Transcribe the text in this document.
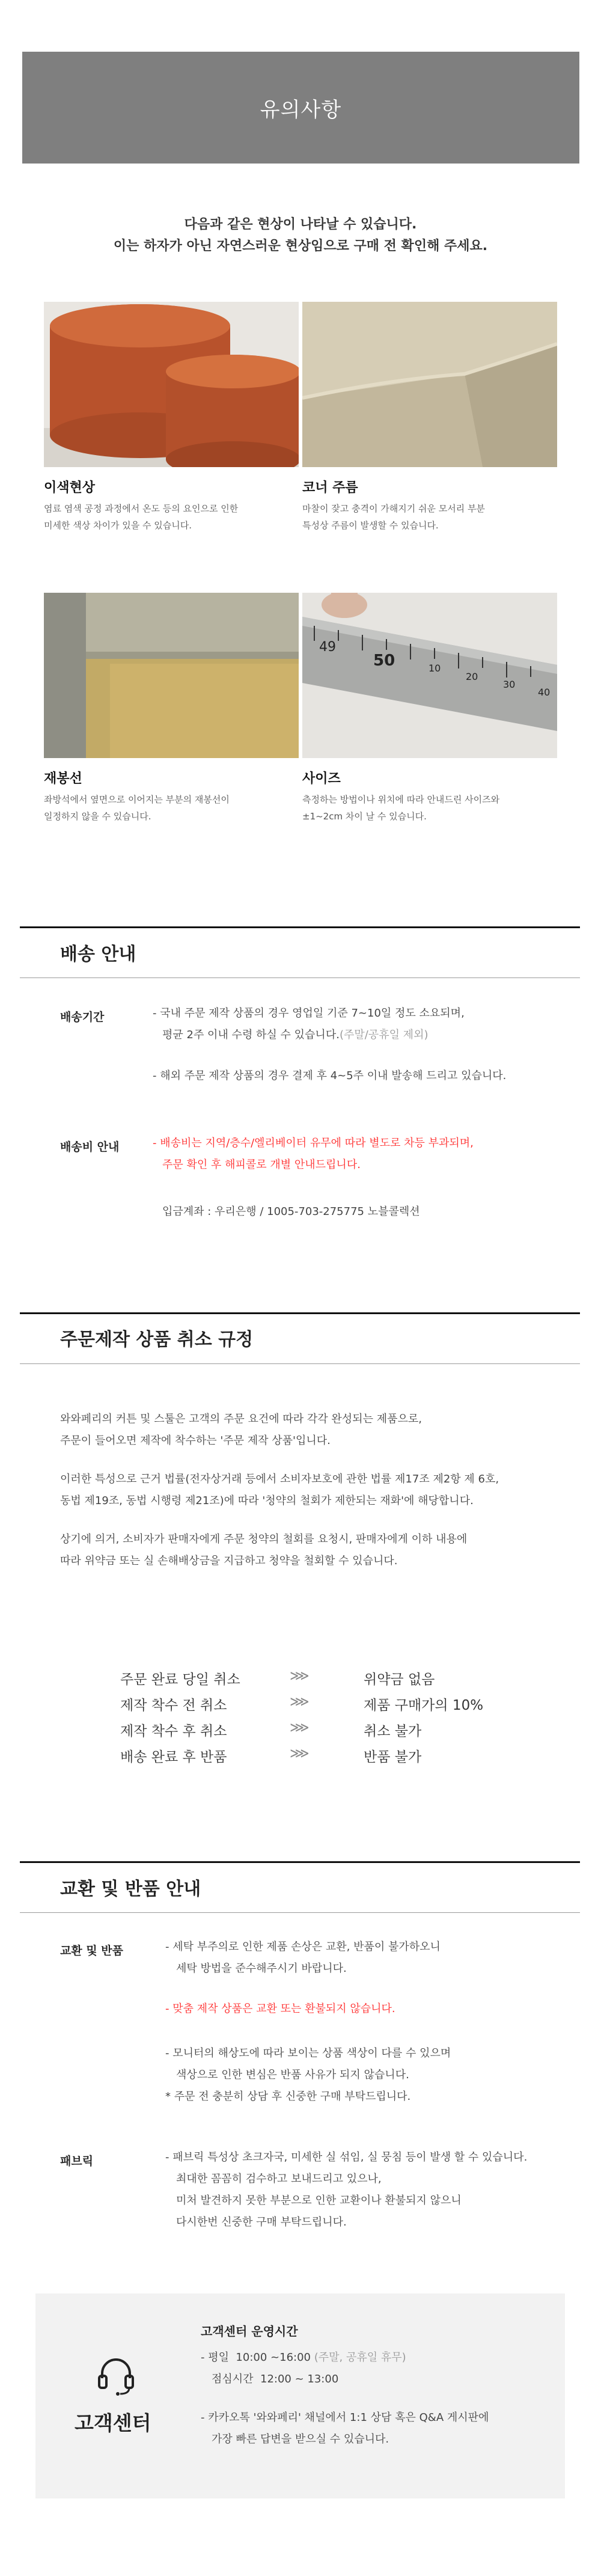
유의사항
다음과 같은 현상이 나타날 수 있습니다.
이는 하자가 아닌 자연스러운 현상임으로 구매 전 확인해 주세요.
이색현상
염료 염색 공정 과정에서 온도 등의 요인으로 인한
미세한 색상 차이가 있을 수 있습니다.
코너 주름
마찰이 잦고 충격이 가해지기 쉬운 모서리 부분
특성상 주름이 발생할 수 있습니다.
49
50	10
20
30
40
재봉선
좌방석에서 옆면으로 이어지는 부분의 재봉선이
일정하지 않을 수 있습니다.
사이즈
측정하는 방법이나 위치에 따라 안내드린 사이즈와
±1~2cm 차이 날 수 있습니다.
배송 안내
배송기간	- 국내 주문 제작 상품의 경우 영업일 기준 7~10일 정도 소요되며,
평균 2주 이내 수령 하실 수 있습니다.(주말/공휴일 제외)
- 해외 주문 제작 상품의 경우 결제 후 4~5주 이내 발송해 드리고 있습니다.
배송비 안내	- 배송비는 지역/층수/엘리베이터 유무에 따라 별도로 차등 부과되며,
주문 확인 후 해피콜로 개별 안내드립니다.
입금계좌 : 우리은행 / 1005-703-275775 노블콜렉션
주문제작 상품 취소 규정
와와페리의 커튼 및 스툴은 고객의 주문 요건에 따라 각각 완성되는 제품으로,
주문이 들어오면 제작에 착수하는 '주문 제작 상품'입니다.
이러한 특성으로 근거 법률(전자상거래 등에서 소비자보호에 관한 법률 제17조 제2항 제 6호,
동법 제19조, 동법 시행령 제21조)에 따라 '청약의 철회가 제한되는 재화'에 해당합니다.
상기에 의거, 소비자가 판매자에게 주문 청약의 철회를 요청시, 판매자에게 이하 내용에
따라 위약금 또는 실 손해배상금을 지급하고 청약을 철회할 수 있습니다.
주문 완료 당일 취소	⋙	위약금 없음
제작 착수 전 취소	⋙	제품 구매가의 10%
제작 착수 후 취소	⋙	취소 불가
배송 완료 후 반품	⋙	반품 불가
교환 및 반품 안내
교환 및 반품	- 세탁 부주의로 인한 제품 손상은 교환, 반품이 불가하오니
세탁 방법을 준수해주시기 바랍니다.
- 맞춤 제작 상품은 교환 또는 환불되지 않습니다.
- 모니터의 해상도에 따라 보이는 상품 색상이 다를 수 있으며
색상으로 인한 변심은 반품 사유가 되지 않습니다.
* 주문 전 충분히 상담 후 신중한 구매 부탁드립니다.
패브릭	- 패브릭 특성상 초크자국, 미세한 실 섞임, 실 뭉침 등이 발생 할 수 있습니다.
최대한 꼼꼼히 검수하고 보내드리고 있으나,
미처 발견하지 못한 부분으로 인한 교환이나 환불되지 않으니
다시한번 신중한 구매 부탁드립니다.
고객센터
고객센터 운영시간
- 평일  10:00 ~16:00 (주말, 공휴일 휴무)
점심시간  12:00 ~ 13:00
- 카카오톡 '와와페리' 채널에서 1:1 상담 혹은 Q&A 게시판에
가장 빠른 답변을 받으실 수 있습니다.
